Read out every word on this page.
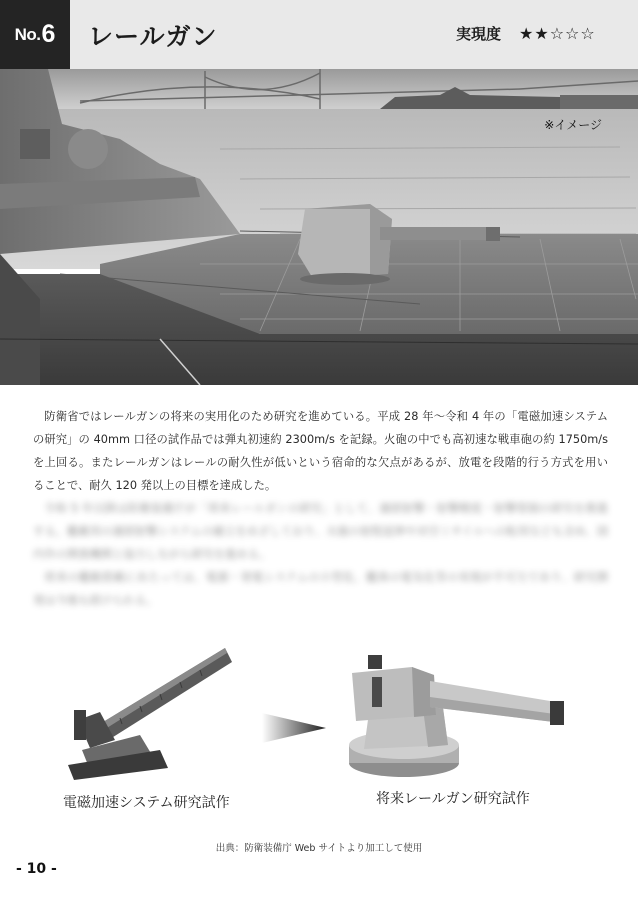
No. 6 レールガン	実現度 ★★☆☆☆
※イメージ

防衛省ではレールガンの将来の実用化のため研究を進めている。平成 28 年～令和 4 年の「電磁加速システムの研究」の 40mm 口径の試作品では弾丸初速約 2300m/s を記録。火砲の中でも高初速な戦車砲の約 1750m/s を上回る。またレールガンはレールの耐久性が低いという宿命的な欠点があるが、放電を段階的行う方式を用いることで、耐久 120 発以上の目標を達成した。

令和 5 年以降は防衛装備庁が「将来レールガンの研究」として、連続射撃・射撃精度・射撃管制の研究を推進する。艦載用の連続射撃システムの確立をめざしており、火砲の射程延伸や対空ミサイルへの転用なども含め、国内外の関係機関と協力しながら研究を進める。

将来の艦艇搭載にあたっては、電源・発電システムの小型化、艦体の電気化等の実現が不可欠であり、研究開発は今後も続けられる。

電磁加速システム研究試作	将来レールガン研究試作
出典：防衛装備庁 Web サイトより加工して使用
- 10 -
